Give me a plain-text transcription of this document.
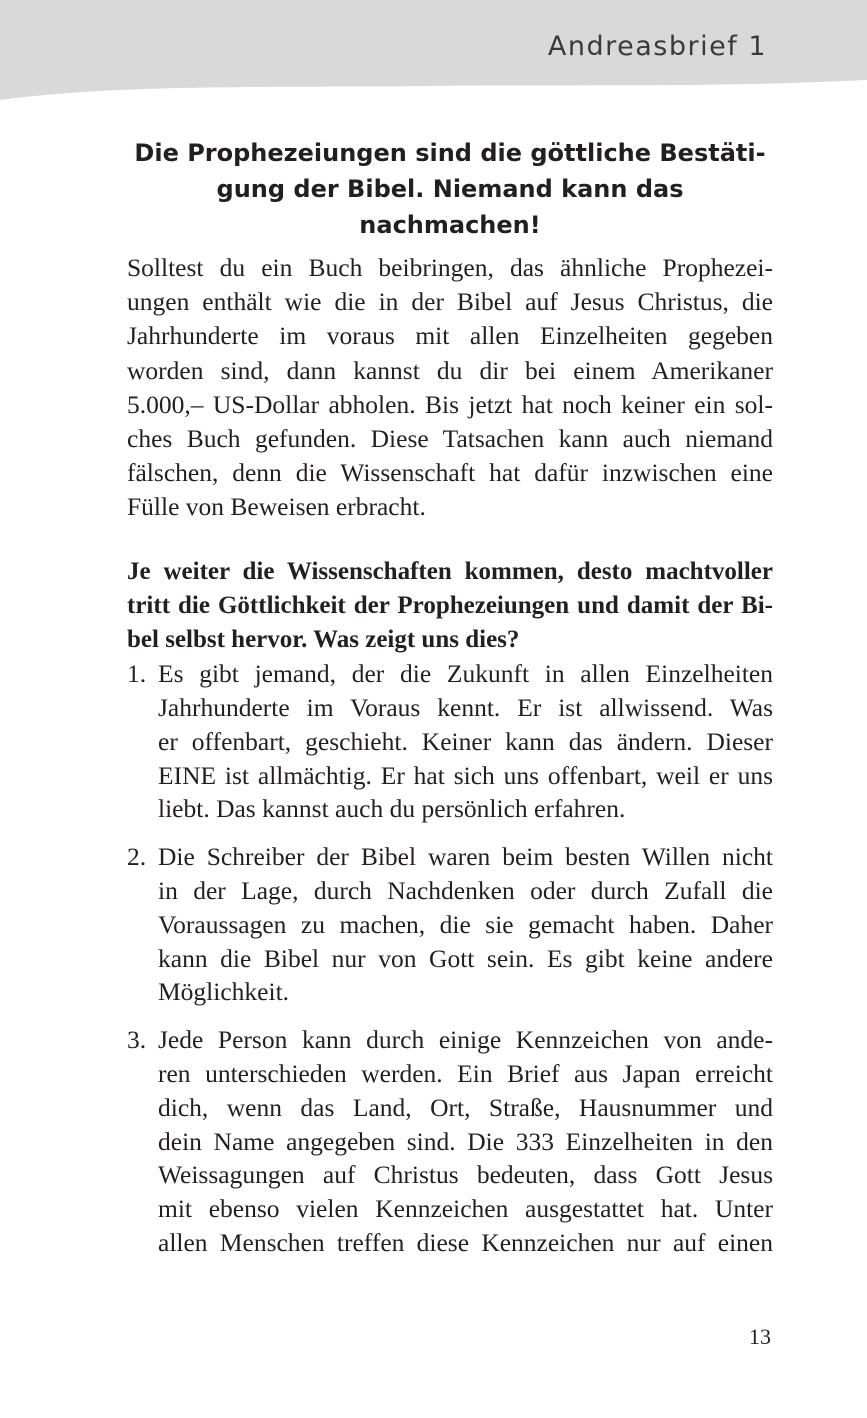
Andreasbrief 1
Die Prophezeiungen sind die göttliche Bestäti-
gung der Bibel. Niemand kann das nachmachen!
Solltest du ein Buch beibringen, das ähnliche Prophezei-
ungen enthält wie die in der Bibel auf Jesus Christus, die
Jahrhunderte im voraus mit allen Einzelheiten gegeben
worden sind, dann kannst du dir bei einem Amerikaner
5.000,– US-Dollar abholen. Bis jetzt hat noch keiner ein sol-
ches Buch gefunden. Diese Tatsachen kann auch niemand
fälschen, denn die Wissenschaft hat dafür inzwischen eine
Fülle von Beweisen erbracht.
Je weiter die Wissenschaften kommen, desto machtvoller
tritt die Göttlichkeit der Prophezeiungen und damit der Bi-
bel selbst hervor. Was zeigt uns dies?
1. Es gibt jemand, der die Zukunft in allen Einzelheiten
Jahrhunderte im Voraus kennt. Er ist allwissend. Was
er offenbart, geschieht. Keiner kann das ändern. Dieser
EINE ist allmächtig. Er hat sich uns offenbart, weil er uns
liebt. Das kannst auch du persönlich erfahren.
2. Die Schreiber der Bibel waren beim besten Willen nicht
in der Lage, durch Nachdenken oder durch Zufall die
Voraussagen zu machen, die sie gemacht haben. Daher
kann die Bibel nur von Gott sein. Es gibt keine andere
Möglichkeit.
3. Jede Person kann durch einige Kennzeichen von ande-
ren unterschieden werden. Ein Brief aus Japan erreicht
dich, wenn das Land, Ort, Straße, Hausnummer und
dein Name angegeben sind. Die 333 Einzelheiten in den
Weissagungen auf Christus bedeuten, dass Gott Jesus
mit ebenso vielen Kennzeichen ausgestattet hat. Unter
allen Menschen treffen diese Kennzeichen nur auf einen
13
